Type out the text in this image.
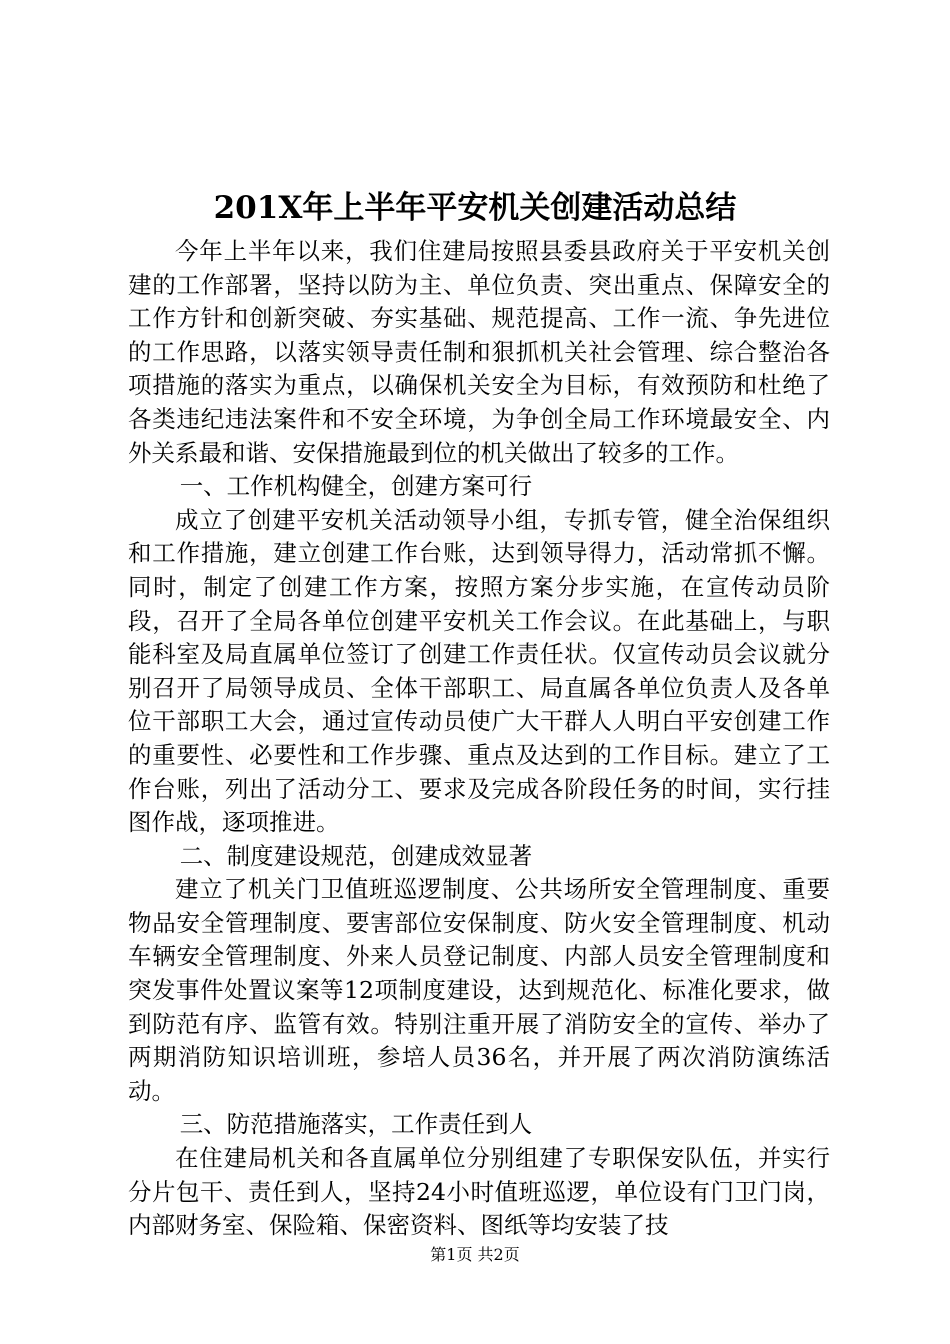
201X年上半年平安机关创建活动总结

今年上半年以来，我们住建局按照县委县政府关于平安机关创建的工作部署，坚持以防为主、单位负责、突出重点、保障安全的工作方针和创新突破、夯实基础、规范提高、工作一流、争先进位的工作思路，以落实领导责任制和狠抓机关社会管理、综合整治各项措施的落实为重点，以确保机关安全为目标，有效预防和杜绝了各类违纪违法案件和不安全环境，为争创全局工作环境最安全、内外关系最和谐、安保措施最到位的机关做出了较多的工作。

一、工作机构健全，创建方案可行

成立了创建平安机关活动领导小组，专抓专管，健全治保组织和工作措施，建立创建工作台账，达到领导得力，活动常抓不懈。同时，制定了创建工作方案，按照方案分步实施，在宣传动员阶段，召开了全局各单位创建平安机关工作会议。在此基础上，与职能科室及局直属单位签订了创建工作责任状。仅宣传动员会议就分别召开了局领导成员、全体干部职工、局直属各单位负责人及各单位干部职工大会，通过宣传动员使广大干群人人明白平安创建工作的重要性、必要性和工作步骤、重点及达到的工作目标。建立了工作台账，列出了活动分工、要求及完成各阶段任务的时间，实行挂图作战，逐项推进。

二、制度建设规范，创建成效显著

建立了机关门卫值班巡逻制度、公共场所安全管理制度、重要物品安全管理制度、要害部位安保制度、防火安全管理制度、机动车辆安全管理制度、外来人员登记制度、内部人员安全管理制度和突发事件处置议案等12项制度建设，达到规范化、标准化要求，做到防范有序、监管有效。特别注重开展了消防安全的宣传、举办了两期消防知识培训班，参培人员36名，并开展了两次消防演练活动。

三、防范措施落实，工作责任到人

在住建局机关和各直属单位分别组建了专职保安队伍，并实行分片包干、责任到人，坚持24小时值班巡逻，单位设有门卫门岗，内部财务室、保险箱、保密资料、图纸等均安装了技

第1页 共2页
